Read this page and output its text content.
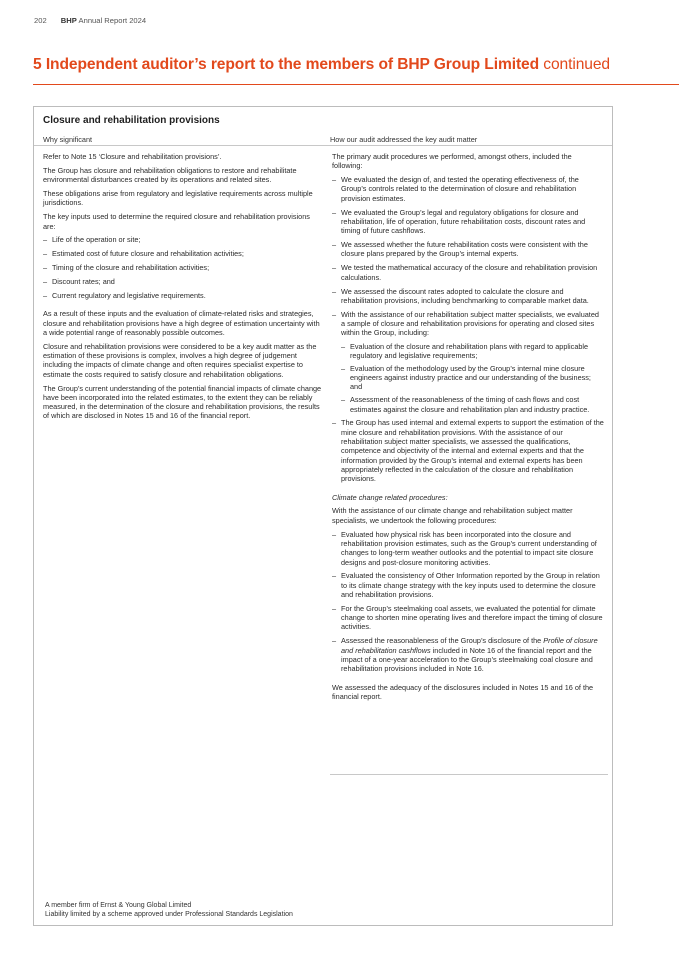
202 BHP Annual Report 2024
5 Independent auditor’s report to the members of BHP Group Limited continued
Closure and rehabilitation provisions
Why significant	How our audit addressed the key audit matter

Refer to Note 15 ‘Closure and rehabilitation provisions’.

The Group has closure and rehabilitation obligations to restore and rehabilitate environmental disturbances created by its operations and related sites.

These obligations arise from regulatory and legislative requirements across multiple jurisdictions.

The key inputs used to determine the required closure and rehabilitation provisions are:

– Life of the operation or site;
– Estimated cost of future closure and rehabilitation activities;
– Timing of the closure and rehabilitation activities;
– Discount rates; and
– Current regulatory and legislative requirements.

As a result of these inputs and the evaluation of climate-related risks and strategies, closure and rehabilitation provisions have a high degree of estimation uncertainty with a wide potential range of reasonably possible outcomes.

Closure and rehabilitation provisions were considered to be a key audit matter as the estimation of these provisions is complex, involves a high degree of judgement including the impacts of climate change and often requires specialist expertise to estimate the costs required to satisfy closure and rehabilitation obligations.

The Group’s current understanding of the potential financial impacts of climate change have been incorporated into the related estimates, to the extent they can be reliably measured, in the determination of the closure and rehabilitation provisions, the results of which are disclosed in Notes 15 and 16 of the financial report.

The primary audit procedures we performed, amongst others, included the following:

– We evaluated the design of, and tested the operating effectiveness of, the Group’s controls related to the determination of closure and rehabilitation provision estimates.
– We evaluated the Group’s legal and regulatory obligations for closure and rehabilitation, life of operation, future rehabilitation costs, discount rates and timing of future cashflows.
– We assessed whether the future rehabilitation costs were consistent with the closure plans prepared by the Group’s internal experts.
– We tested the mathematical accuracy of the closure and rehabilitation provision calculations.
– We assessed the discount rates adopted to calculate the closure and rehabilitation provisions, including benchmarking to comparable market data.
– With the assistance of our rehabilitation subject matter specialists, we evaluated a sample of closure and rehabilitation provisions for operating and closed sites within the Group, including:
– Evaluation of the closure and rehabilitation plans with regard to applicable regulatory and legislative requirements;
– Evaluation of the methodology used by the Group’s internal mine closure engineers against industry practice and our understanding of the business; and
– Assessment of the reasonableness of the timing of cash flows and cost estimates against the closure and rehabilitation plan and industry practice.
– The Group has used internal and external experts to support the estimation of the mine closure and rehabilitation provisions. With the assistance of our rehabilitation subject matter specialists, we assessed the qualifications, competence and objectivity of the internal and external experts and that the information provided by the Group’s internal and external experts has been appropriately reflected in the calculation of the closure and rehabilitation provisions.

Climate change related procedures:

With the assistance of our climate change and rehabilitation subject matter specialists, we undertook the following procedures:

– Evaluated how physical risk has been incorporated into the closure and rehabilitation provision estimates, such as the Group’s current understanding of changes to long-term weather outlooks and the potential to impact site closure designs and post-closure monitoring activities.
– Evaluated the consistency of Other Information reported by the Group in relation to its climate change strategy with the key inputs used to determine the closure and rehabilitation provisions.
– For the Group’s steelmaking coal assets, we evaluated the potential for climate change to shorten mine operating lives and therefore impact the timing of closure activities.
– Assessed the reasonableness of the Group’s disclosure of the Profile of closure and rehabilitation cashflows included in Note 16 of the financial report and the impact of a one-year acceleration to the Group’s steelmaking coal closure and rehabilitation provisions included in Note 16.

We assessed the adequacy of the disclosures included in Notes 15 and 16 of the financial report.

A member firm of Ernst & Young Global Limited
Liability limited by a scheme approved under Professional Standards Legislation
